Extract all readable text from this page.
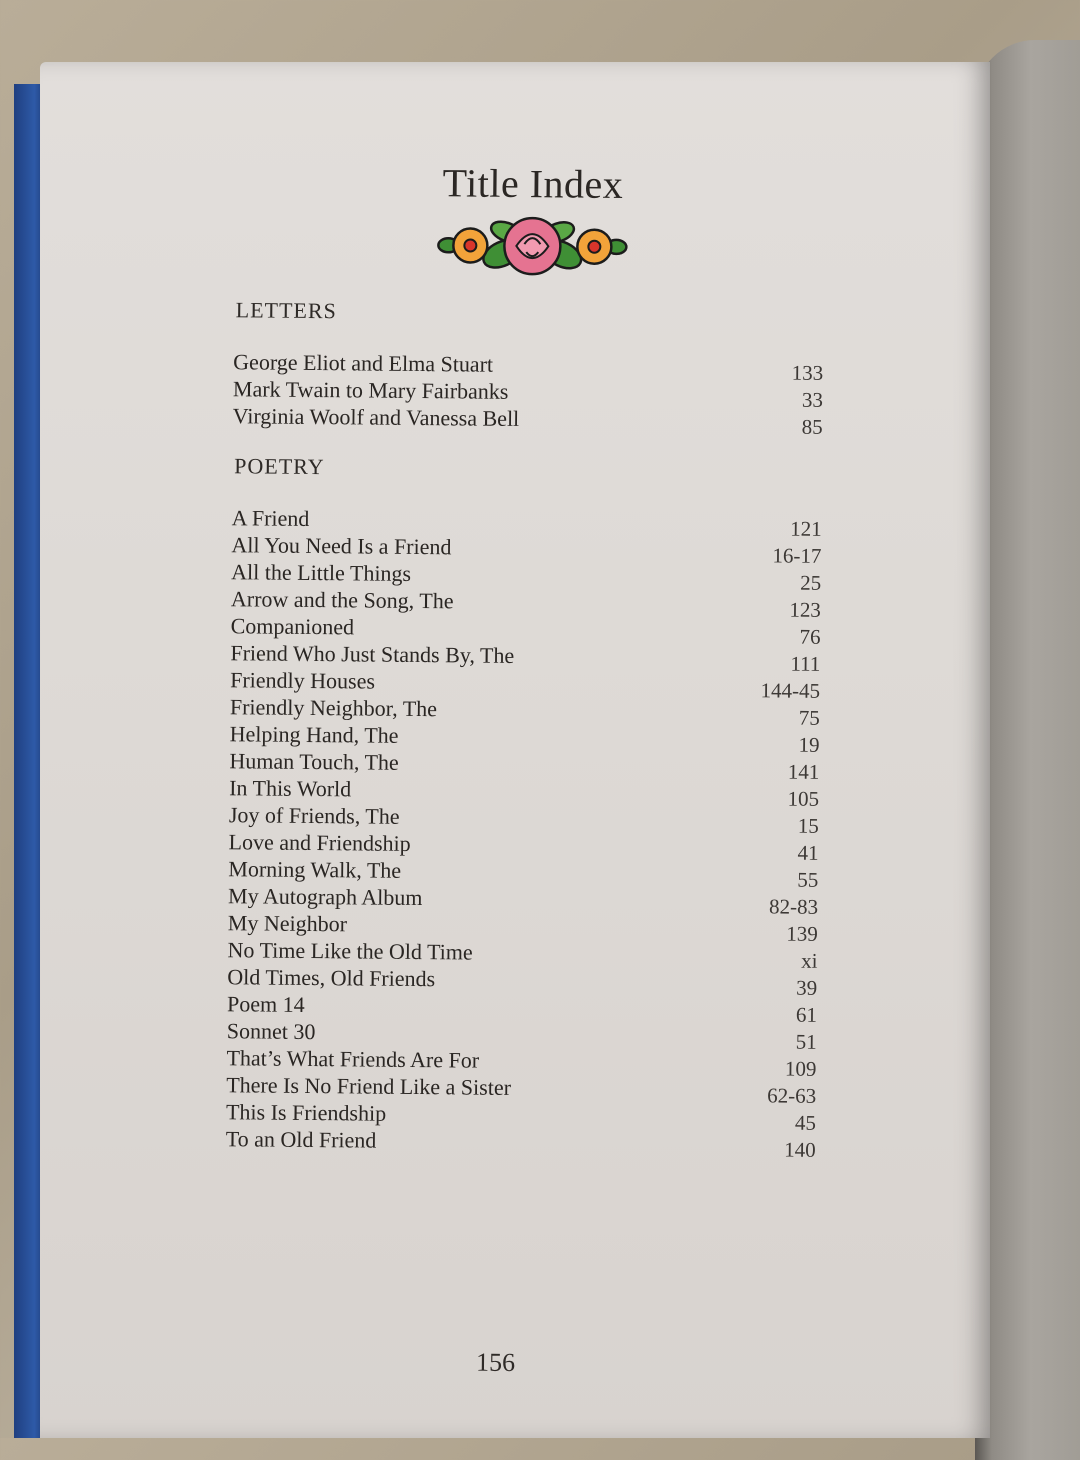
Title Index
LETTERS
George Eliot and Elma Stuart	133
Mark Twain to Mary Fairbanks	33
Virginia Woolf and Vanessa Bell	85
POETRY
A Friend	121
All You Need Is a Friend	16-17
All the Little Things	25
Arrow and the Song, The	123
Companioned	76
Friend Who Just Stands By, The	111
Friendly Houses	144-45
Friendly Neighbor, The	75
Helping Hand, The	19
Human Touch, The	141
In This World	105
Joy of Friends, The	15
Love and Friendship	41
Morning Walk, The	55
My Autograph Album	82-83
My Neighbor	139
No Time Like the Old Time	xi
Old Times, Old Friends	39
Poem 14	61
Sonnet 30	51
That’s What Friends Are For	109
There Is No Friend Like a Sister	62-63
This Is Friendship	45
To an Old Friend	140
156
